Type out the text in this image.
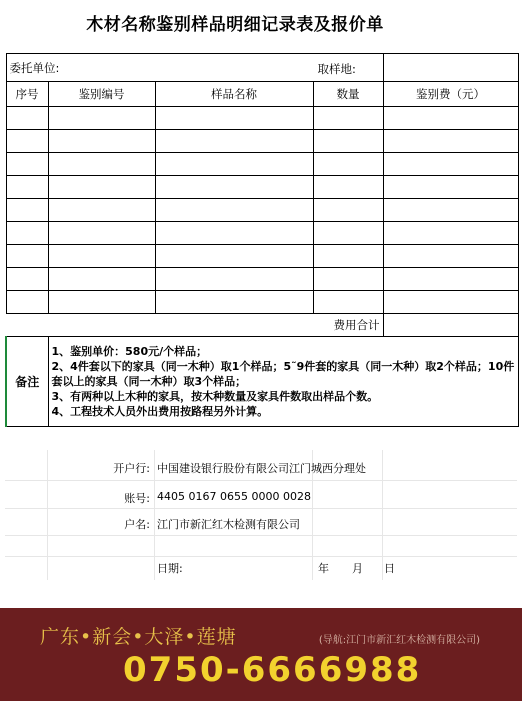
木材名称鉴别样品明细记录表及报价单
委托单位: 取样地:				

序号	鉴别编号	样品名称	数量	鉴别费（元）

费用合计				
备注	1、鉴别单价：580元/个样品；
2、4件套以下的家具（同一木种）取1个样品；5˜9件套的家具（同一木种）取2个样品；10件套以上的家具（同一木种）取3个样品；
3、有两种以上木种的家具，按木种数量及家具件数取出样品个数。
4、工程技术人员外出费用按路程另外计算。			
开户行: 中国建设银行股份有限公司江门城西分理处
账号: 4405 0167 0655 0000 0028
户名: 江门市新汇红木检测有限公司
日期:	年 月 日
广东•新会•大泽•莲塘	(导航:江门市新汇红木检测有限公司)
0750-6666988
